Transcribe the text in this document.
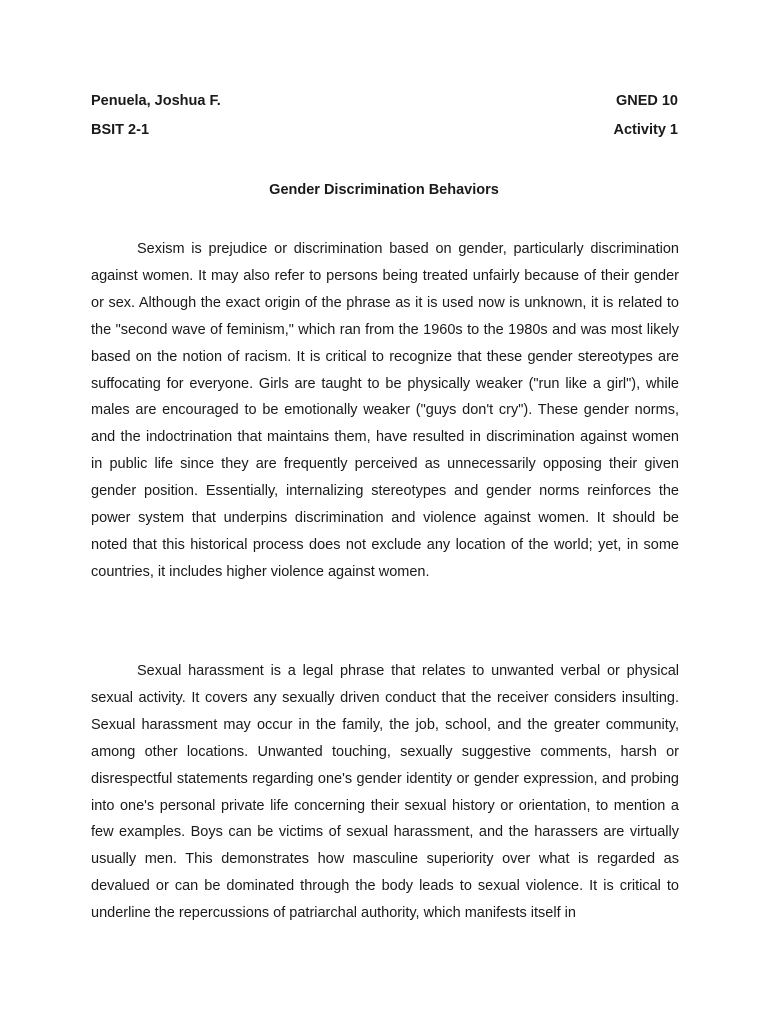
Penuela, Joshua F.	GNED 10
BSIT 2-1	Activity 1
Gender Discrimination Behaviors

Sexism is prejudice or discrimination based on gender, particularly discrimination against women. It may also refer to persons being treated unfairly because of their gender or sex. Although the exact origin of the phrase as it is used now is unknown, it is related to the "second wave of feminism," which ran from the 1960s to the 1980s and was most likely based on the notion of racism. It is critical to recognize that these gender stereotypes are suffocating for everyone. Girls are taught to be physically weaker ("run like a girl"), while males are encouraged to be emotionally weaker ("guys don't cry"). These gender norms, and the indoctrination that maintains them, have resulted in discrimination against women in public life since they are frequently perceived as unnecessarily opposing their given gender position. Essentially, internalizing stereotypes and gender norms reinforces the power system that underpins discrimination and violence against women. It should be noted that this historical process does not exclude any location of the world; yet, in some countries, it includes higher violence against women.

Sexual harassment is a legal phrase that relates to unwanted verbal or physical sexual activity. It covers any sexually driven conduct that the receiver considers insulting. Sexual harassment may occur in the family, the job, school, and the greater community, among other locations. Unwanted touching, sexually suggestive comments, harsh or disrespectful statements regarding one's gender identity or gender expression, and probing into one's personal private life concerning their sexual history or orientation, to mention a few examples. Boys can be victims of sexual harassment, and the harassers are virtually usually men. This demonstrates how masculine superiority over what is regarded as devalued or can be dominated through the body leads to sexual violence. It is critical to underline the repercussions of patriarchal authority, which manifests itself in
